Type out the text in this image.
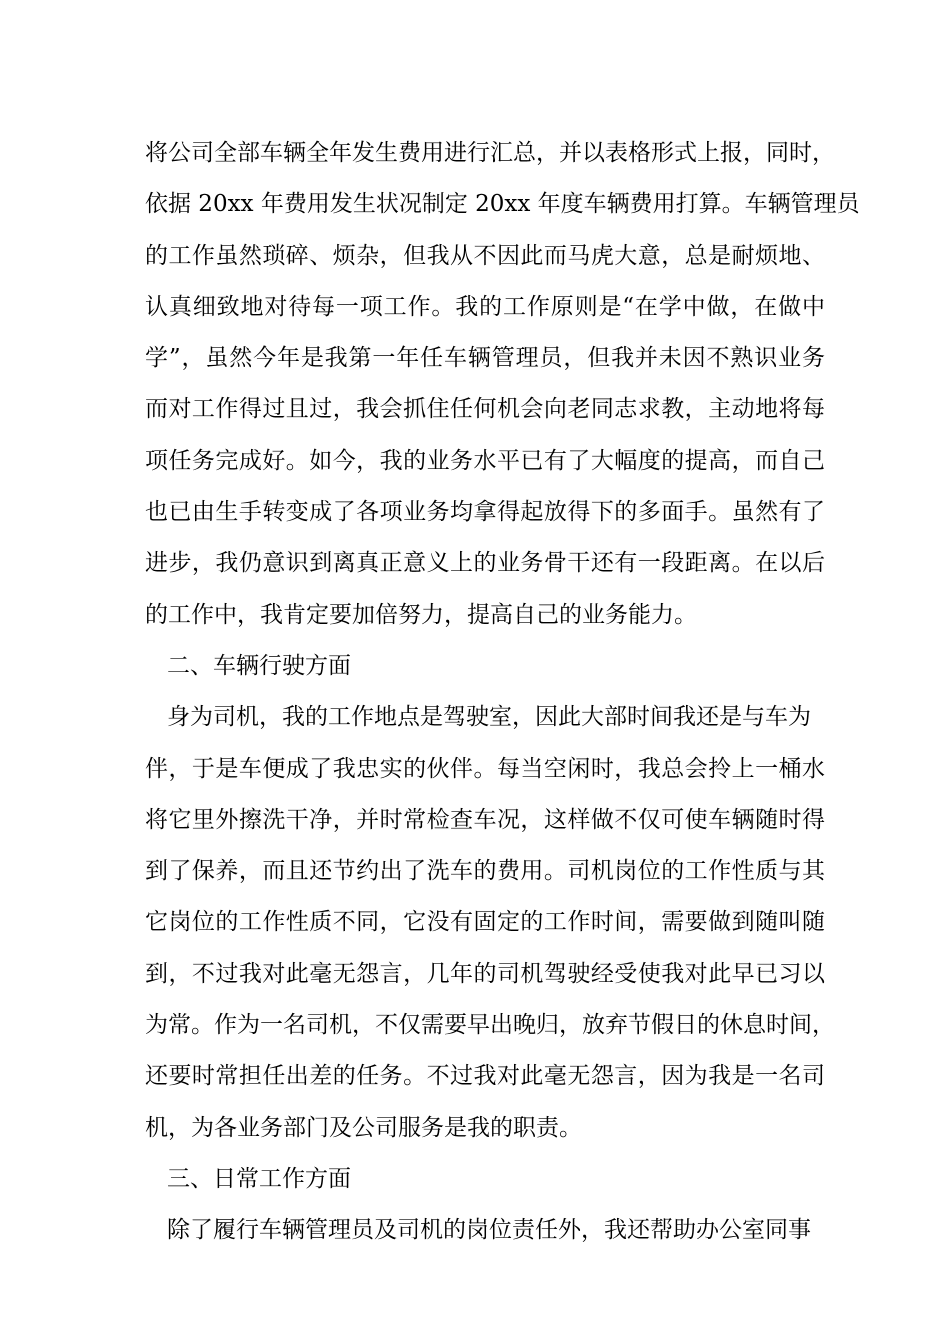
将公司全部车辆全年发生费用进行汇总，并以表格形式上报，同时，
依据 20xx 年费用发生状况制定 20xx 年度车辆费用打算。车辆管理员
的工作虽然琐碎、烦杂，但我从不因此而马虎大意，总是耐烦地、
认真细致地对待每一项工作。我的工作原则是“在学中做，在做中
学”，虽然今年是我第一年任车辆管理员，但我并未因不熟识业务
而对工作得过且过，我会抓住任何机会向老同志求教，主动地将每
项任务完成好。如今，我的业务水平已有了大幅度的提高，而自己
也已由生手转变成了各项业务均拿得起放得下的多面手。虽然有了
进步，我仍意识到离真正意义上的业务骨干还有一段距离。在以后
的工作中，我肯定要加倍努力，提高自己的业务能力。
二、车辆行驶方面
身为司机，我的工作地点是驾驶室，因此大部时间我还是与车为
伴，于是车便成了我忠实的伙伴。每当空闲时，我总会拎上一桶水
将它里外擦洗干净，并时常检查车况，这样做不仅可使车辆随时得
到了保养，而且还节约出了洗车的费用。司机岗位的工作性质与其
它岗位的工作性质不同，它没有固定的工作时间，需要做到随叫随
到，不过我对此毫无怨言，几年的司机驾驶经受使我对此早已习以
为常。作为一名司机，不仅需要早出晚归，放弃节假日的休息时间，
还要时常担任出差的任务。不过我对此毫无怨言，因为我是一名司
机，为各业务部门及公司服务是我的职责。
三、日常工作方面
除了履行车辆管理员及司机的岗位责任外，我还帮助办公室同事
